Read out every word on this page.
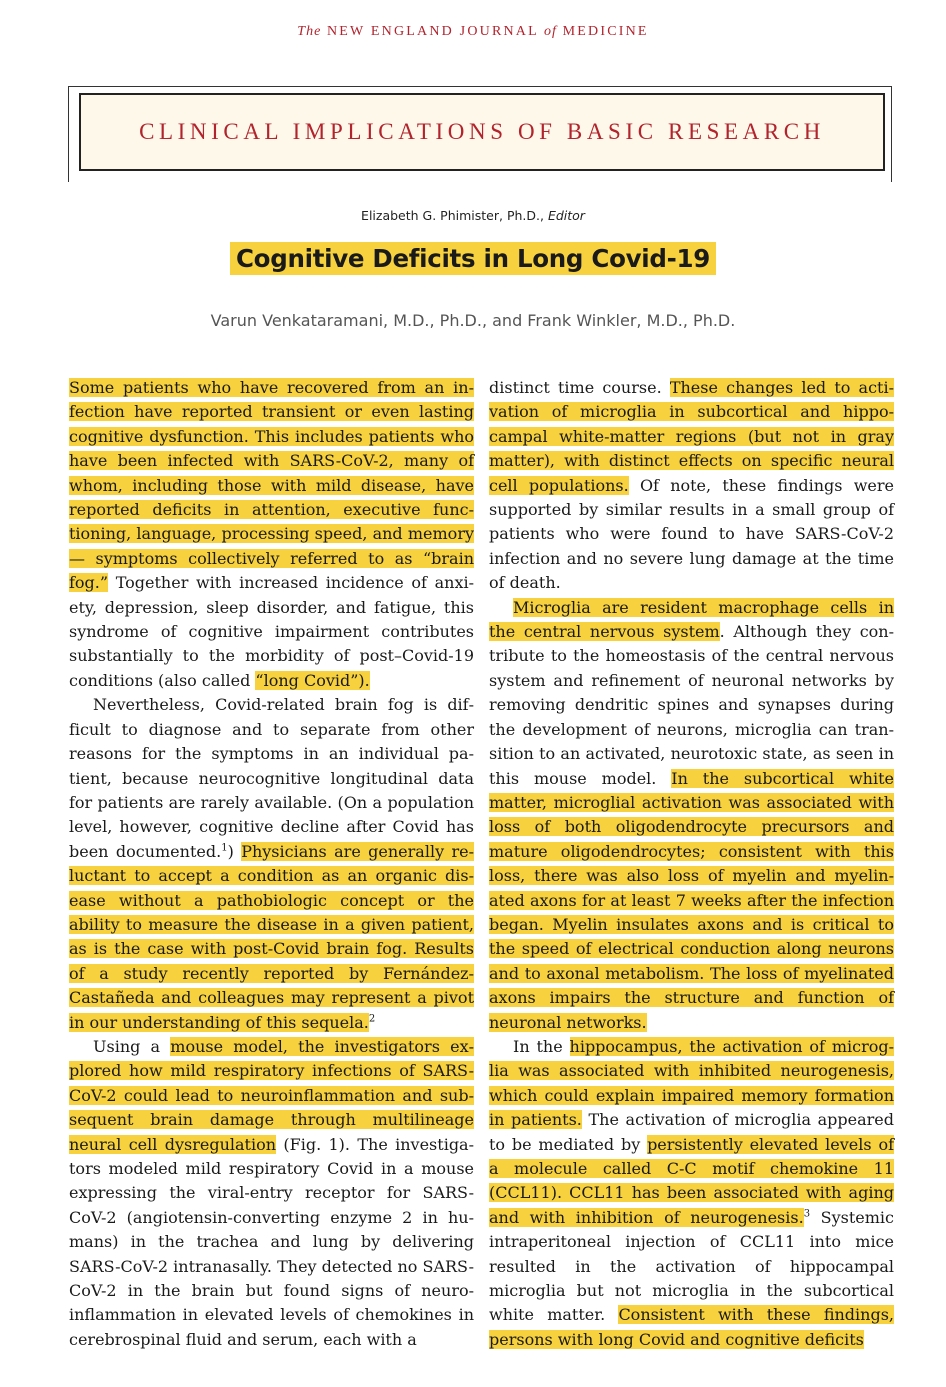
The NEW ENGLAND JOURNAL of MEDICINE
CLINICAL IMPLICATIONS OF BASIC RESEARCH
Elizabeth G. Phimister, Ph.D., Editor
Cognitive Deficits in Long Covid-19
Varun Venkataramani, M.D., Ph.D., and Frank Winkler, M.D., Ph.D.

Some patients who have recovered from an infection have reported transient or even lasting cognitive dysfunction. This includes patients who have been infected with SARS-CoV-2, many of whom, including those with mild disease, have reported deficits in attention, executive functioning, language, processing speed, and memory — symptoms collectively referred to as “brain fog.” Together with increased incidence of anxiety, depression, sleep disorder, and fatigue, this syndrome of cognitive impairment contributes substantially to the morbidity of post–Covid-19 conditions (also called “long Covid”).

Nevertheless, Covid-related brain fog is difficult to diagnose and to separate from other reasons for the symptoms in an individual patient, because neurocognitive longitudinal data for patients are rarely available. (On a population level, however, cognitive decline after Covid has been documented.$^1$) Physicians are generally reluctant to accept a condition as an organic disease without a pathobiologic concept or the ability to measure the disease in a given patient, as is the case with post-Covid brain fog. Results of a study recently reported by Fernández-Castañeda and colleagues may represent a pivot in our understanding of this sequela.$^2$

Using a mouse model, the investigators explored how mild respiratory infections of SARS-CoV-2 could lead to neuroinflammation and subsequent brain damage through multilineage neural cell dysregulation (Fig. 1). The investigators modeled mild respiratory Covid in a mouse expressing the viral-entry receptor for SARS-CoV-2 (angiotensin-converting enzyme 2 in humans) in the trachea and lung by delivering SARS-CoV-2 intranasally. They detected no SARS-CoV-2 in the brain but found signs of neuroinflammation in elevated levels of chemokines in cerebrospinal fluid and serum, each with a

distinct time course. These changes led to activation of microglia in subcortical and hippocampal white-matter regions (but not in gray matter), with distinct effects on specific neural cell populations. Of note, these findings were supported by similar results in a small group of patients who were found to have SARS-CoV-2 infection and no severe lung damage at the time of death.

Microglia are resident macrophage cells in the central nervous system. Although they contribute to the homeostasis of the central nervous system and refinement of neuronal networks by removing dendritic spines and synapses during the development of neurons, microglia can transition to an activated, neurotoxic state, as seen in this mouse model. In the subcortical white matter, microglial activation was associated with loss of both oligodendrocyte precursors and mature oligodendrocytes; consistent with this loss, there was also loss of myelin and myelinated axons for at least 7 weeks after the infection began. Myelin insulates axons and is critical to the speed of electrical conduction along neurons and to axonal metabolism. The loss of myelinated axons impairs the structure and function of neuronal networks.

In the hippocampus, the activation of microglia was associated with inhibited neurogenesis, which could explain impaired memory formation in patients. The activation of microglia appeared to be mediated by persistently elevated levels of a molecule called C-C motif chemokine 11 (CCL11). CCL11 has been associated with aging and with inhibition of neurogenesis.$^3$ Systemic intraperitoneal injection of CCL11 into mice resulted in the activation of hippocampal microglia but not microglia in the subcortical white matter. Consistent with these findings, persons with long Covid and cognitive deficits
